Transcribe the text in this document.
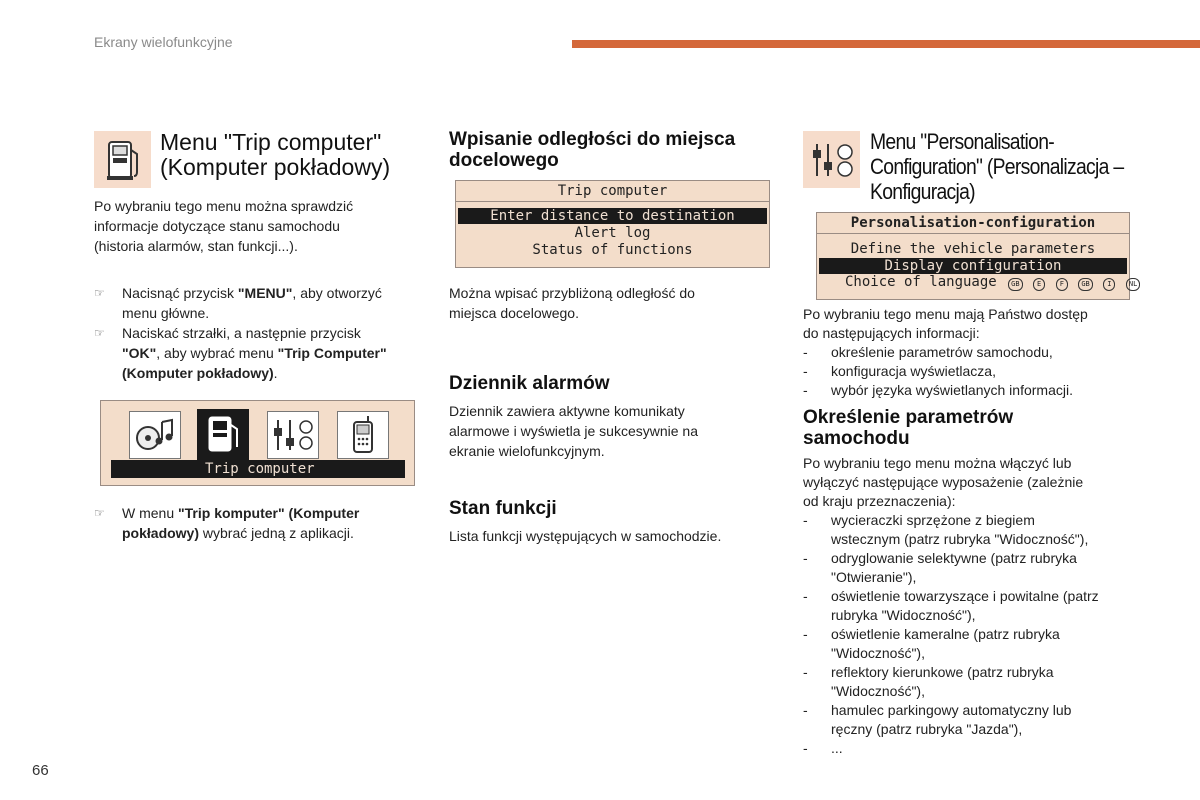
Ekrany wielofunkcyjne
Menu "Trip computer"
(Komputer pokładowy)
Po wybraniu tego menu można sprawdzić
informacje dotyczące stanu samochodu
(historia alarmów, stan funkcji...).
☞	Nacisnąć przycisk "MENU", aby otworzyć
menu główne.
☞	Naciskać strzałki, a następnie przycisk
"OK", aby wybrać menu "Trip Computer"
(Komputer pokładowy).
Trip computer
☞	W menu "Trip komputer" (Komputer
pokładowy) wybrać jedną z aplikacji.
Wpisanie odległości do miejsca
docelowego
Trip computer
Enter distance to destination
Alert log
Status of functions
Można wpisać przybliżoną odległość do
miejsca docelowego.
Dziennik alarmów
Dziennik zawiera aktywne komunikaty
alarmowe i wyświetla je sukcesywnie na
ekranie wielofunkcyjnym.
Stan funkcji
Lista funkcji występujących w samochodzie.
Menu "Personalisation-
Configuration" (Personalizacja –
Konfiguracja)
Personalisation-configuration
Define the vehicle parameters
Display configuration
Choice of language GB E	F GB I NL
Po wybraniu tego menu mają Państwo dostęp
do następujących informacji:
-	określenie parametrów samochodu,
-	konfiguracja wyświetlacza,
-	wybór języka wyświetlanych informacji.
Określenie parametrów
samochodu
Po wybraniu tego menu można włączyć lub
wyłączyć następujące wyposażenie (zależnie
od kraju przeznaczenia):
-	wycieraczki sprzężone z biegiem
wstecznym (patrz rubryka "Widoczność"),
-	odryglowanie selektywne (patrz rubryka
"Otwieranie"),
-	oświetlenie towarzyszące i powitalne (patrz
rubryka "Widoczność"),
-	oświetlenie kameralne (patrz rubryka
"Widoczność"),
-	reflektory kierunkowe (patrz rubryka
"Widoczność"),
-	hamulec parkingowy automatyczny lub
ręczny (patrz rubryka "Jazda"),
-	...
66
